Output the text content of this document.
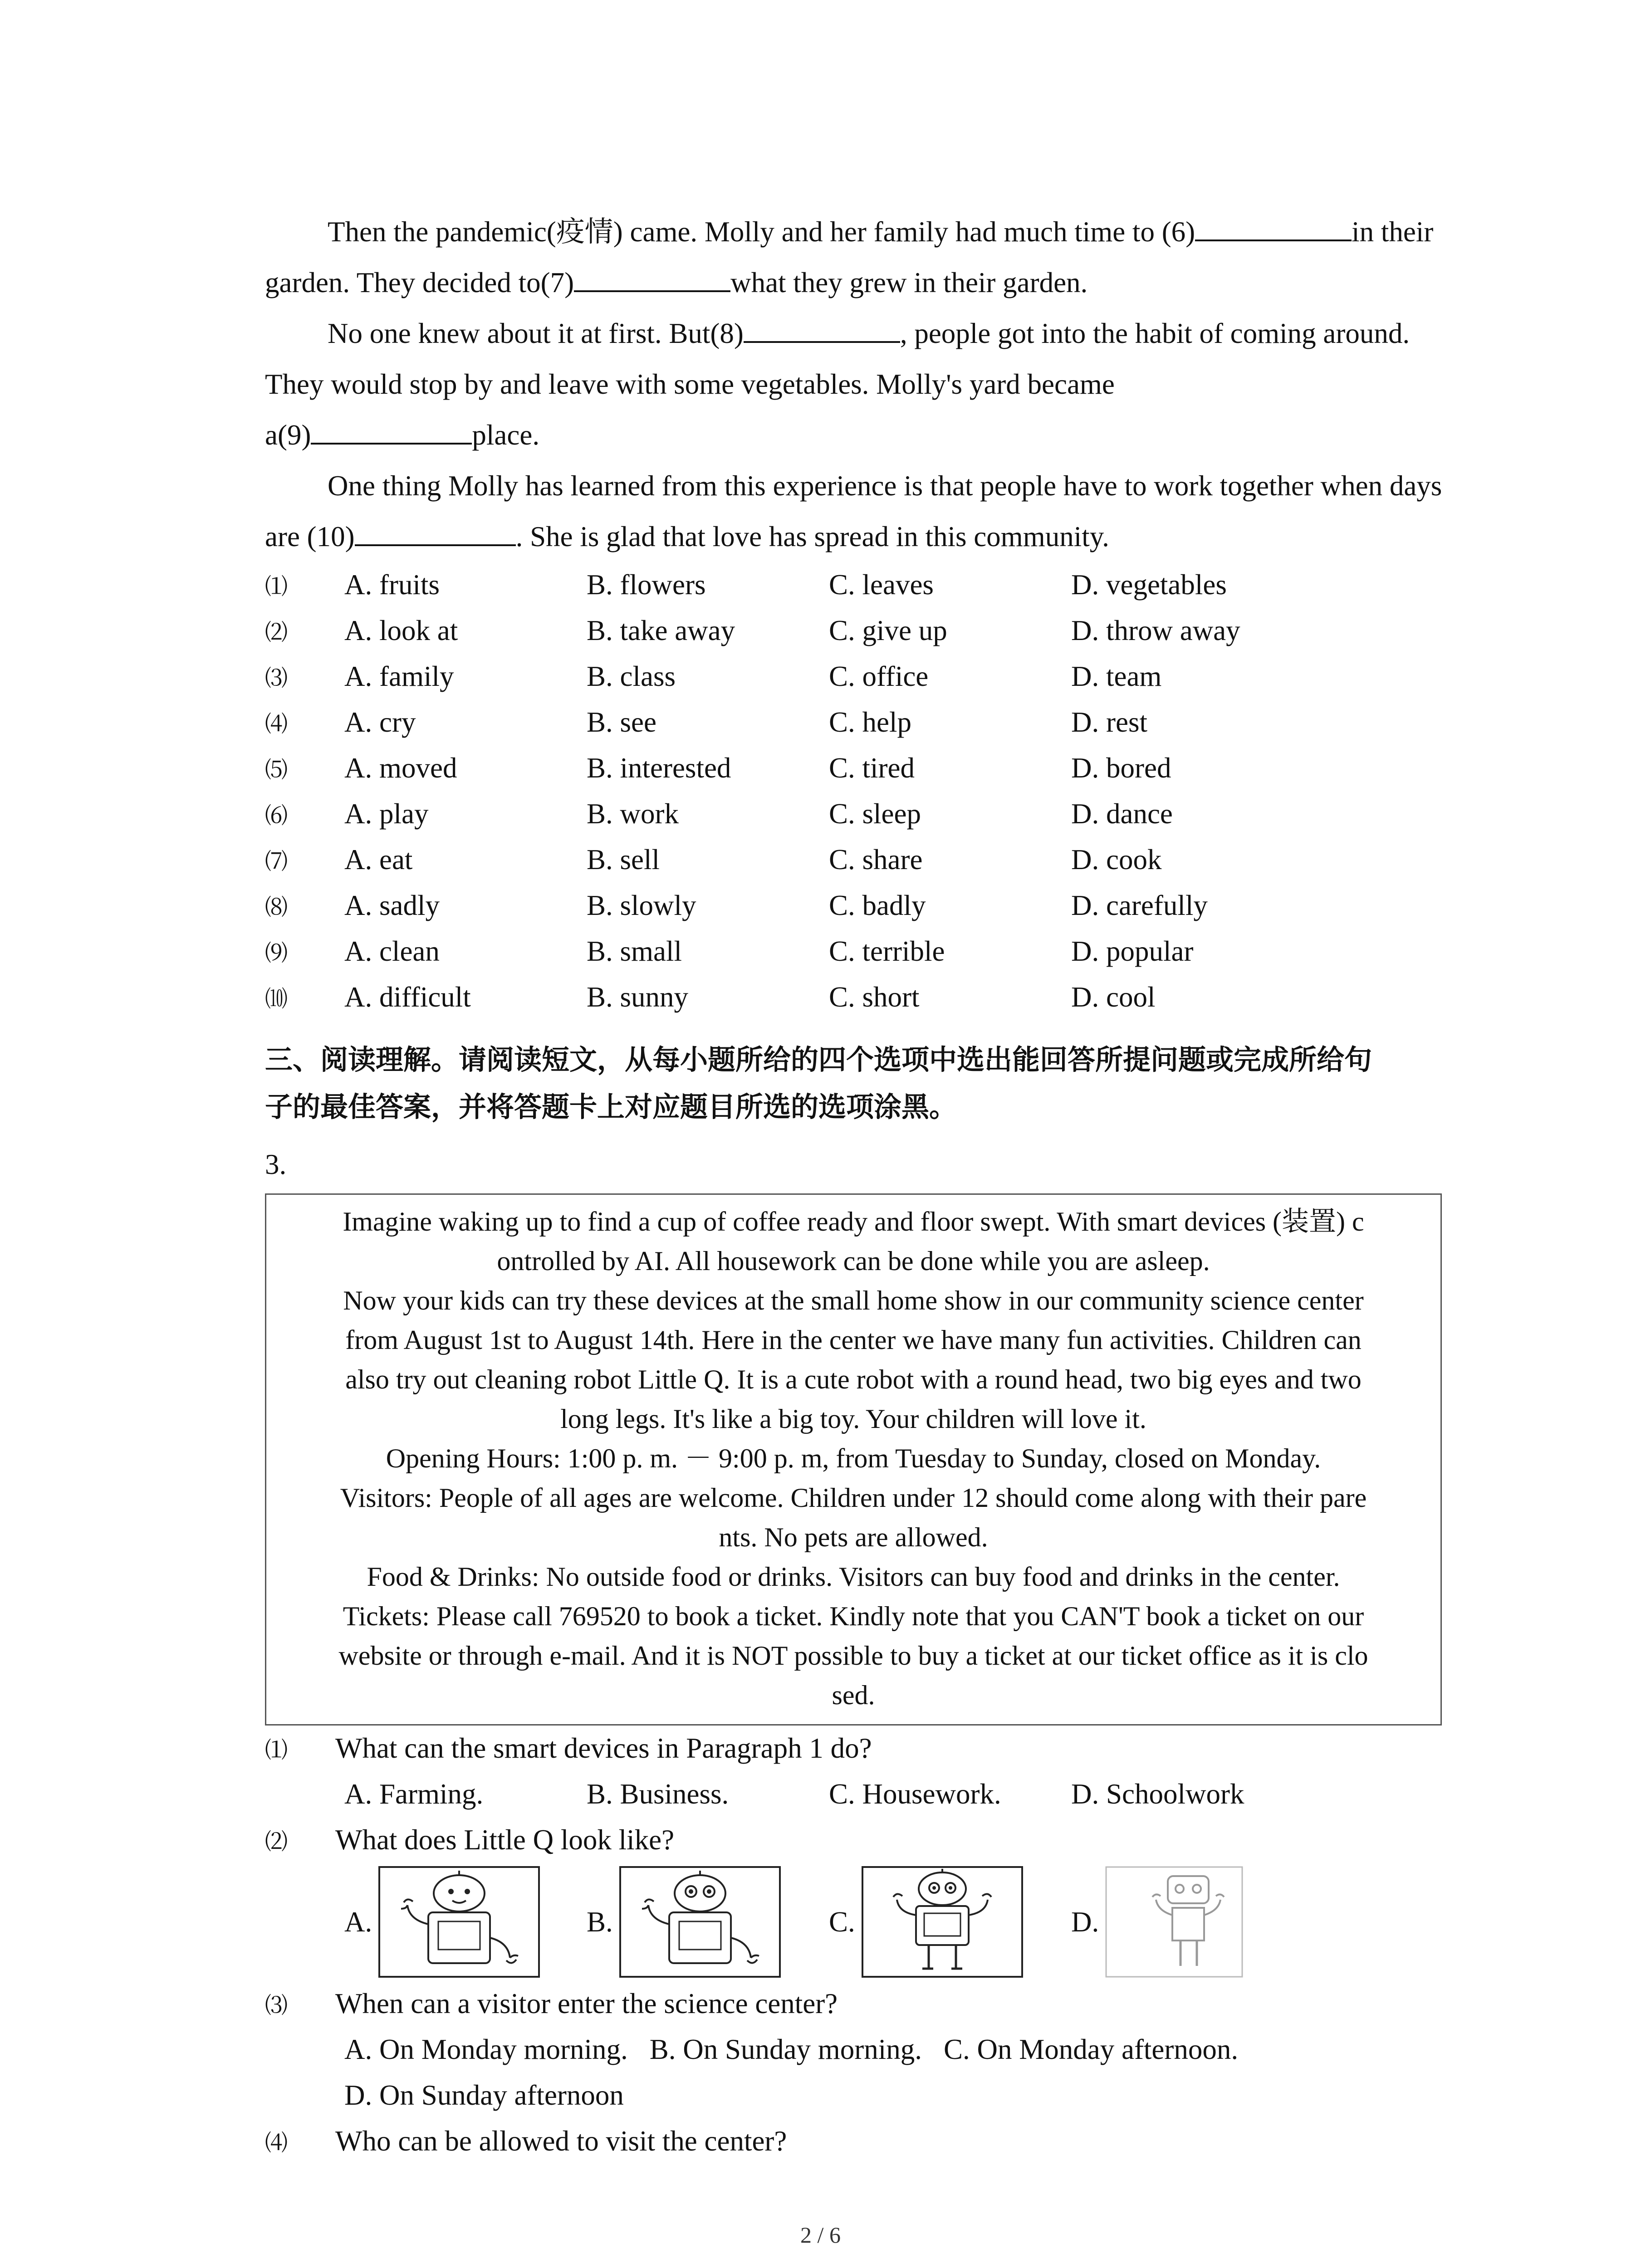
Then the pandemic(疫情) came. Molly and her family had much time to (6)	in their garden. They decided to(7)	what they grew in their garden.

No one knew about it at first. But(8)	, people got into the habit of coming around. They would stop by and leave with some vegetables. Molly's yard became

a(9)	place.

One thing Molly has learned from this experience is that people have to work together when days are (10)	. She is glad that love has spread in this community.

⑴	A. fruits	B. flowers	C. leaves	D. vegetables
⑵	A. look at	B. take away	C. give up	D. throw away
⑶	A. family	B. class	C. office	D. team
⑷	A. cry	B. see	C. help	D. rest
⑸	A. moved	B. interested	C. tired	D. bored
⑹	A. play	B. work	C. sleep	D. dance
⑺	A. eat	B. sell	C. share	D. cook
⑻	A. sadly	B. slowly	C. badly	D. carefully
⑼	A. clean	B. small	C. terrible	D. popular
⑽	A. difficult	B. sunny	C. short	D. cool
三、阅读理解。请阅读短文，从每小题所给的四个选项中选出能回答所提问题或完成所给句
子的最佳答案，并将答题卡上对应题目所选的选项涂黑。
3.

Imagine waking up to find a cup of coffee ready and floor swept. With smart devices (装置) c

ontrolled by AI. All housework can be done while you are asleep.

Now your kids can try these devices at the small home show in our community science center

from August 1st to August 14th. Here in the center we have many fun activities. Children can

also try out cleaning robot Little Q. It is a cute robot with a round head, two big eyes and two

long legs. It's like a big toy. Your children will love it.

Opening Hours: 1:00 p. m. － 9:00 p. m, from Tuesday to Sunday, closed on Monday.

Visitors: People of all ages are welcome. Children under 12 should come along with their pare

nts. No pets are allowed.

Food & Drinks: No outside food or drinks. Visitors can buy food and drinks in the center.

Tickets: Please call 769520 to book a ticket. Kindly note that you CAN'T book a ticket on our

website or through e-mail. And it is NOT possible to buy a ticket at our ticket office as it is clo

sed.

⑴	What can the smart devices in Paragraph 1 do?
A. Farming.	B. Business.	C. Housework.	D. Schoolwork
⑵	What does Little Q look like?
A.	B.	C.	D.
⑶	When can a visitor enter the science center?
A. On Monday morning. B. On Sunday morning. C. On Monday afternoon.
D. On Sunday afternoon
⑷	Who can be allowed to visit the center?
2 / 6
